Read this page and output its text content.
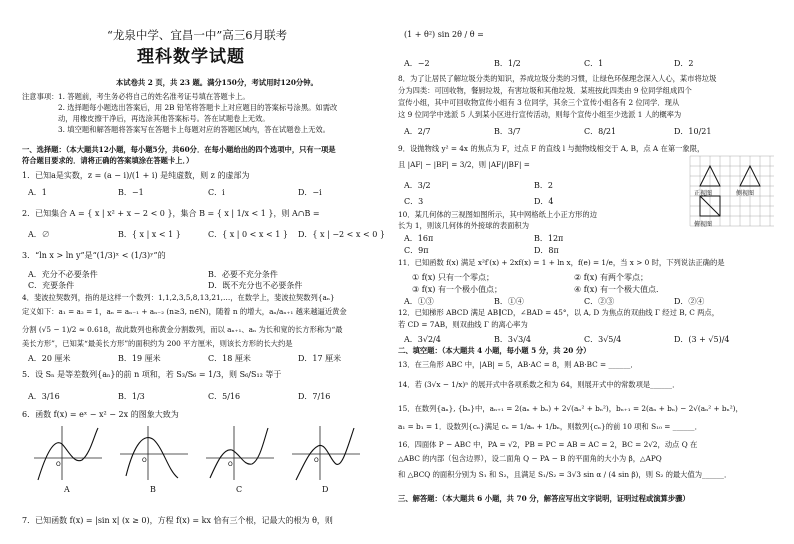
“龙泉中学、宜昌一中”高三6月联考
理科数学试题
本试卷共 2 页，共 23 题。满分150分，考试用时120分钟。
注意事项： 1. 答题前，考生务必将自己的姓名准考证号填在答题卡上。
2. 选择题每小题选出答案后，用 2B 铅笔将答题卡上对应题目的答案标号涂黑。如需改
动，用橡皮擦干净后，再选涂其他答案标号。答在试题卷上无效。
3. 填空题和解答题将答案写在答题卡上每题对应的答题区域内，答在试题卷上无效。
一、选择题：（本大题共12小题，每小题5分，共60分．在每小题给出的四个选项中，只有一项是
符合题目要求的．请将正确的答案填涂在答题卡上．）
1．已知a是实数，z = (a − i)/(1 + i) 是纯虚数，则 z 的虚部为
A．1	B．−1	C．i	D．−i
2．已知集合 A = { x | x² + x − 2 < 0 }，集合 B = { x | 1/x < 1 }，则 A∩B =
A．∅	B．{ x | x < 1 }	C．{ x | 0 < x < 1 } D．{ x | −2 < x < 0 }
3．“ln x > ln y”是“(1/3)ˣ < (1/3)ʸ”的
A．充分不必要条件	B．必要不充分条件
C．充要条件	D．既不充分也不必要条件
4．斐波拉契数列，指的是这样一个数列：1,1,2,3,5,8,13,21,…，在数学上，斐波拉契数列{aₙ}
定义如下：a₁ = a₂ = 1，aₙ = aₙ₋₁ + aₙ₋₂ (n≥3, n∈N)，随着 n 的增大，aₙ/aₙ₊₁ 越来越逼近黄金
分割 (√5 − 1)/2 ≈ 0.618，故此数列也称黄金分割数列，而以 aₙ₊₁、aₙ 为长和宽的长方形称为“最
美长方形”，已知某“最美长方形”的面积约为 200 平方厘米，则该长方形的长大约是
A．20 厘米	B．19 厘米	C．18 厘米	D．17 厘米
5．设 Sₙ 是等差数列{aₙ}的前 n 项和，若 S₃/S₆ = 1/3，则 S₆/S₁₂ 等于
A．3/16	B．1/3	C．5/16	D．7/16
6．函数 f(x) = eˣ − x² − 2x 的图象大致为
O
O
O
O
A	B	C	D
7．已知函数 f(x) = |sin x| (x ≥ 0)，方程 f(x) = kx 恰有三个根，记最大的根为 θ，则
(1 + θ²) sin 2θ / θ =
A．−2	B．1/2	C．1	D．2
8．为了让居民了解垃圾分类的知识，养成垃圾分类的习惯，让绿色环保理念深入人心，某市将垃圾
分为四类：可回收物，餐厨垃圾，有害垃圾和其他垃圾．某班按此四类由 9 位同学组成四个
宣传小组，其中可回收物宣传小组有 3 位同学，其余三个宣传小组各有 2 位同学．现从
这 9 位同学中选派 5 人到某小区进行宣传活动，则每个宣传小组至少选派 1 人的概率为
A．2/7	B．3/7	C．8/21	D．10/21
9．设抛物线 y² = 4x 的焦点为 F，过点 F 的直线 l 与抛物线相交于 A, B，点 A 在第一象限，
且 |AF| − |BF| = 3/2，则 |AF|/|BF| =
A．3/2	B．2
C．3	D．4
正视图	侧视图
俯视图
10．某几何体的三视图如图所示，其中网格纸上小正方形的边
长为 1，则该几何体的外接球的表面积为
A．16π	B．12π
C．9π	D．8π
11．已知函数 f(x) 满足 x²f′(x) + 2xf(x) = 1 + ln x，f(e) = 1/e，当 x > 0 时，下列说法正确的是
① f(x) 只有一个零点；	② f(x) 有两个零点；
③ f(x) 有一个极小值点；	④ f(x) 有一个极大值点．
A．①③	B．①④	C．②③	D．②④
12．已知梯形 ABCD 满足 AB∥CD，∠BAD = 45°，以 A, D 为焦点的双曲线 Γ 经过 B, C 两点，
若 CD = 7AB，则双曲线 Γ 的离心率为
A．3√2/4	B．3√3/4	C．3√5/4	D．(3 + √5)/4
二、填空题：（本大题共 4 小题，每小题 5 分，共 20 分）
13．在三角形 ABC 中，|AB| = 5，AB·AC = 8，则 AB·BC = ______．
14．若 (3√x − 1/x)ⁿ 的展开式中各项系数之和为 64，则展开式中的常数项是______．
15．在数列{aₙ}, {bₙ}中，aₙ₊₁ = 2(aₙ + bₙ) + 2√(aₙ² + bₙ²)，bₙ₊₁ = 2(aₙ + bₙ) − 2√(aₙ² + bₙ²)，
a₁ = b₁ = 1．设数列{cₙ}满足 cₙ = 1/aₙ + 1/bₙ，则数列{cₙ}的前 10 项和 S₁₀ = ______．
16．四面体 P − ABC 中，PA = √2，PB = PC = AB = AC = 2，BC = 2√2，动点 Q 在
△ABC 的内部（包含边界），设二面角 Q − PA − B 的平面角的大小为 β，△APQ
和 △BCQ 的面积分别为 S₁ 和 S₂，且满足 S₁/S₂ = 3√3 sin α / (4 sin β)，则 S₂ 的最大值为______．
三、解答题：（本大题共 6 小题，共 70 分，解答应写出文字说明，证明过程或演算步骤）
